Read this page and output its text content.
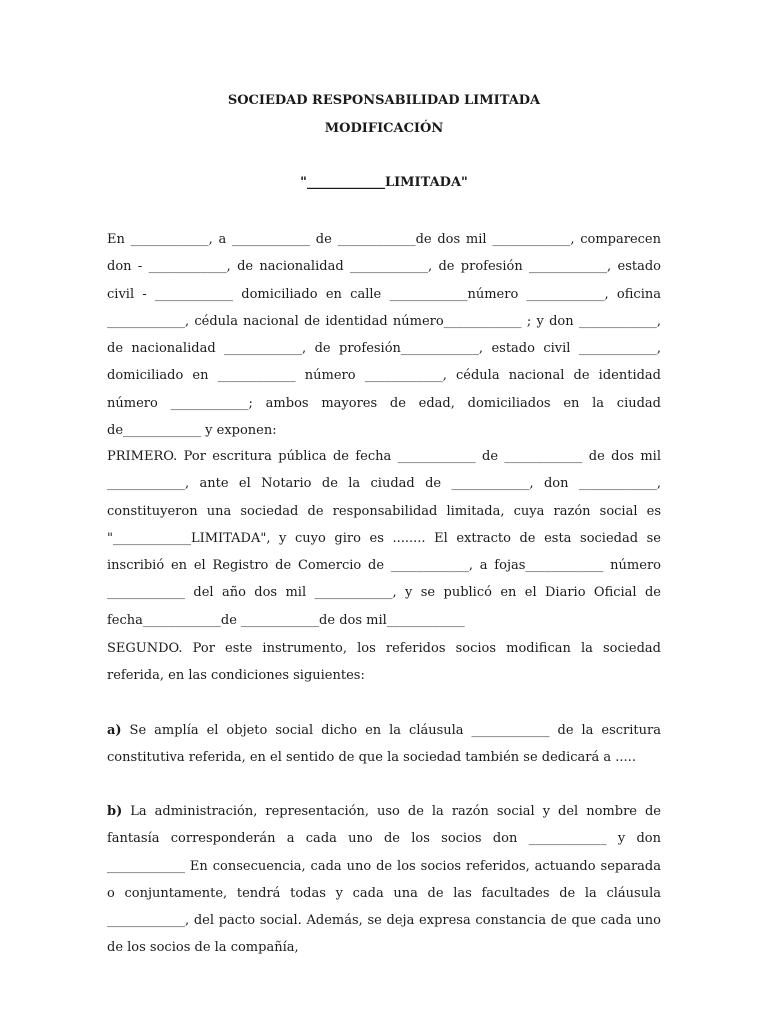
SOCIEDAD RESPONSABILIDAD LIMITADA
MODIFICACIÓN
"____________LIMITADA"

En ____________, a ____________ de ____________de dos mil ____________, comparecen don - ____________, de nacionalidad ____________, de profesión ____________, estado civil - ____________ domiciliado en calle ____________número ____________, oficina ____________, cédula nacional de identidad número____________ ; y don ____________, de nacionalidad ____________, de profesión____________, estado civil ____________, domiciliado en ____________ número ____________, cédula nacional de identidad número ____________; ambos mayores de edad, domiciliados en la ciudad de____________ y exponen:

PRIMERO. Por escritura pública de fecha ____________ de ____________ de dos mil ____________, ante el Notario de la ciudad de ____________, don ____________, constituyeron una sociedad de responsabilidad limitada, cuya razón social es "____________LIMITADA", y cuyo giro es ........ El extracto de esta sociedad se inscribió en el Registro de Comercio de ____________, a fojas____________ número ____________ del año dos mil ____________, y se publicó en el Diario Oficial de fecha____________de ____________de dos mil____________

SEGUNDO. Por este instrumento, los referidos socios modifican la sociedad referida, en las condiciones siguientes:

a) Se amplía el objeto social dicho en la cláusula ____________ de la escritura constitutiva referida, en el sentido de que la sociedad también se dedicará a .....

b) La administración, representación, uso de la razón social y del nombre de fantasía corresponderán a cada uno de los socios don ____________ y don ____________ En consecuencia, cada uno de los socios referidos, actuando separada o conjuntamente, tendrá todas y cada una de las facultades de la cláusula ____________, del pacto social. Además, se deja expresa constancia de que cada uno de los socios de la compañía,
